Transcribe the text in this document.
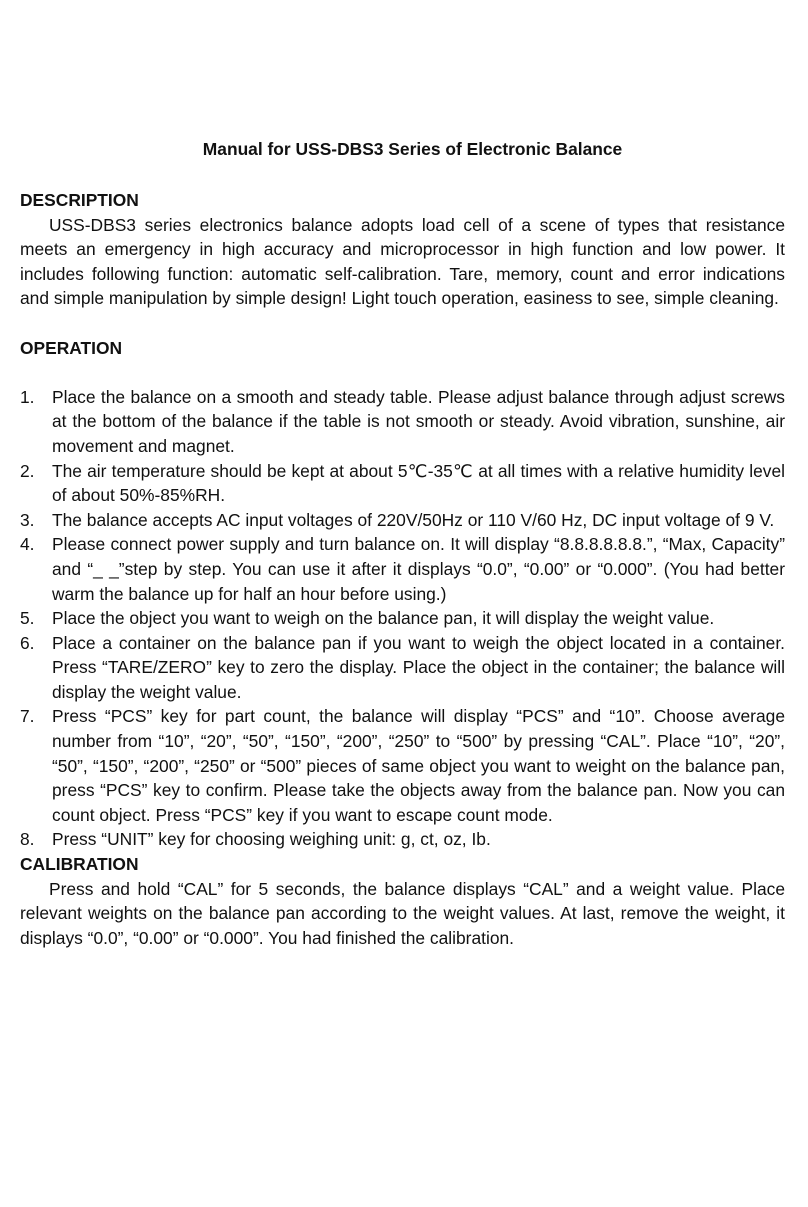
Manual for USS-DBS3 Series of Electronic Balance
DESCRIPTION

USS-DBS3 series electronics balance adopts load cell of a scene of types that resistance meets an emergency in high accuracy and microprocessor in high function and low power. It includes following function: automatic self-calibration. Tare, memory, count and error indications and simple manipulation by simple design! Light touch operation, easiness to see, simple cleaning.

OPERATION
1. Place the balance on a smooth and steady table. Please adjust balance through adjust screws at the bottom of the balance if the table is not smooth or steady. Avoid vibration, sunshine, air movement and magnet.
2. The air temperature should be kept at about 5℃-35℃ at all times with a relative humidity level of about 50%-85%RH.
3. The balance accepts AC input voltages of 220V/50Hz or 110 V/60 Hz, DC input voltage of 9 V.
4. Please connect power supply and turn balance on. It will display “8.8.8.8.8.8.”, “Max, Capacity” and “_ _”step by step. You can use it after it displays “0.0”, “0.00” or “0.000”. (You had better warm the balance up for half an hour before using.)
5. Place the object you want to weigh on the balance pan, it will display the weight value.
6. Place a container on the balance pan if you want to weigh the object located in a container. Press “TARE/ZERO” key to zero the display. Place the object in the container; the balance will display the weight value.
7. Press “PCS” key for part count, the balance will display “PCS” and “10”. Choose average number from “10”, “20”, “50”, “150”, “200”, “250” to “500” by pressing “CAL”. Place “10”, “20”, “50”, “150”, “200”, “250” or “500” pieces of same object you want to weight on the balance pan, press “PCS” key to confirm. Please take the objects away from the balance pan. Now you can count object. Press “PCS” key if you want to escape count mode.
8. Press “UNIT” key for choosing weighing unit: g, ct, oz, Ib.
CALIBRATION

Press and hold “CAL” for 5 seconds, the balance displays “CAL” and a weight value. Place relevant weights on the balance pan according to the weight values. At last, remove the weight, it displays “0.0”, “0.00” or “0.000”. You had finished the calibration.
